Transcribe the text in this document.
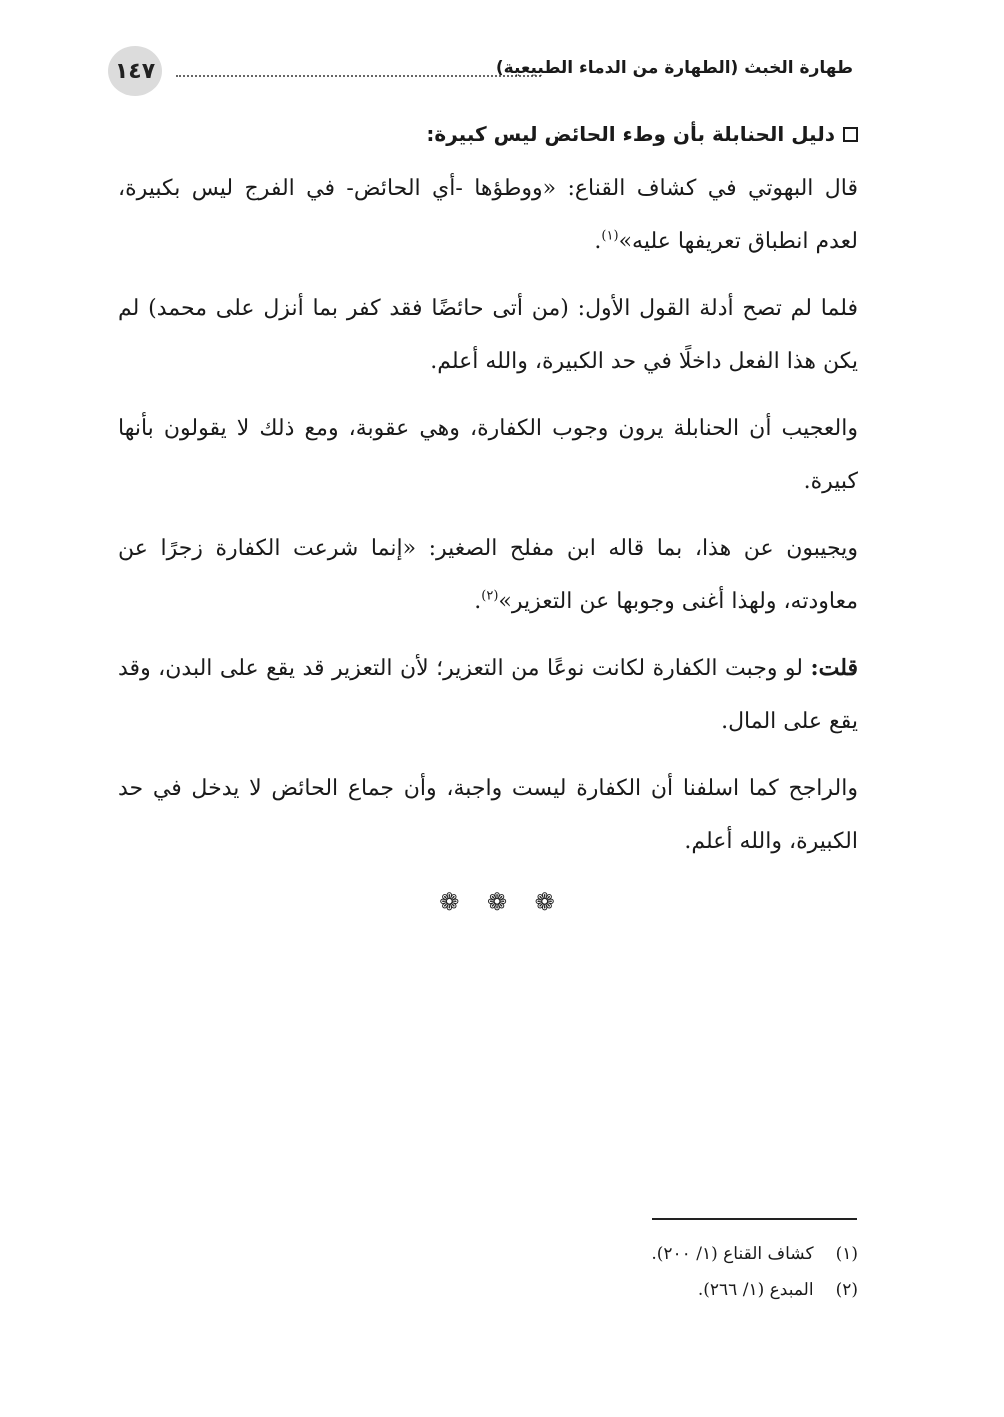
١٤٧	طهارة الخبث (الطهارة من الدماء الطبيعية)
دليل الحنابلة بأن وطء الحائض ليس كبيرة:

قال البهوتي في كشاف القناع: «ووطؤها -أي الحائض- في الفرج ليس بكبيرة، لعدم انطباق تعريفها عليه»$^{(١)}$.

فلما لم تصح أدلة القول الأول: (من أتى حائضًا فقد كفر بما أنزل على محمد) لم يكن هذا الفعل داخلًا في حد الكبيرة، والله أعلم.

والعجيب أن الحنابلة يرون وجوب الكفارة، وهي عقوبة، ومع ذلك لا يقولون بأنها كبيرة.

ويجيبون عن هذا، بما قاله ابن مفلح الصغير: «إنما شرعت الكفارة زجرًا عن معاودته، ولهذا أغنى وجوبها عن التعزير»$^{(٢)}$.

قلت: لو وجبت الكفارة لكانت نوعًا من التعزير؛ لأن التعزير قد يقع على البدن، وقد يقع على المال.

والراجح كما اسلفنا أن الكفارة ليست واجبة، وأن جماع الحائض لا يدخل في حد الكبيرة، والله أعلم.

❁ ❁ ❁
(١)
كشاف القناع (١/ ٢٠٠).
(٢)
المبدع (١/ ٢٦٦).
